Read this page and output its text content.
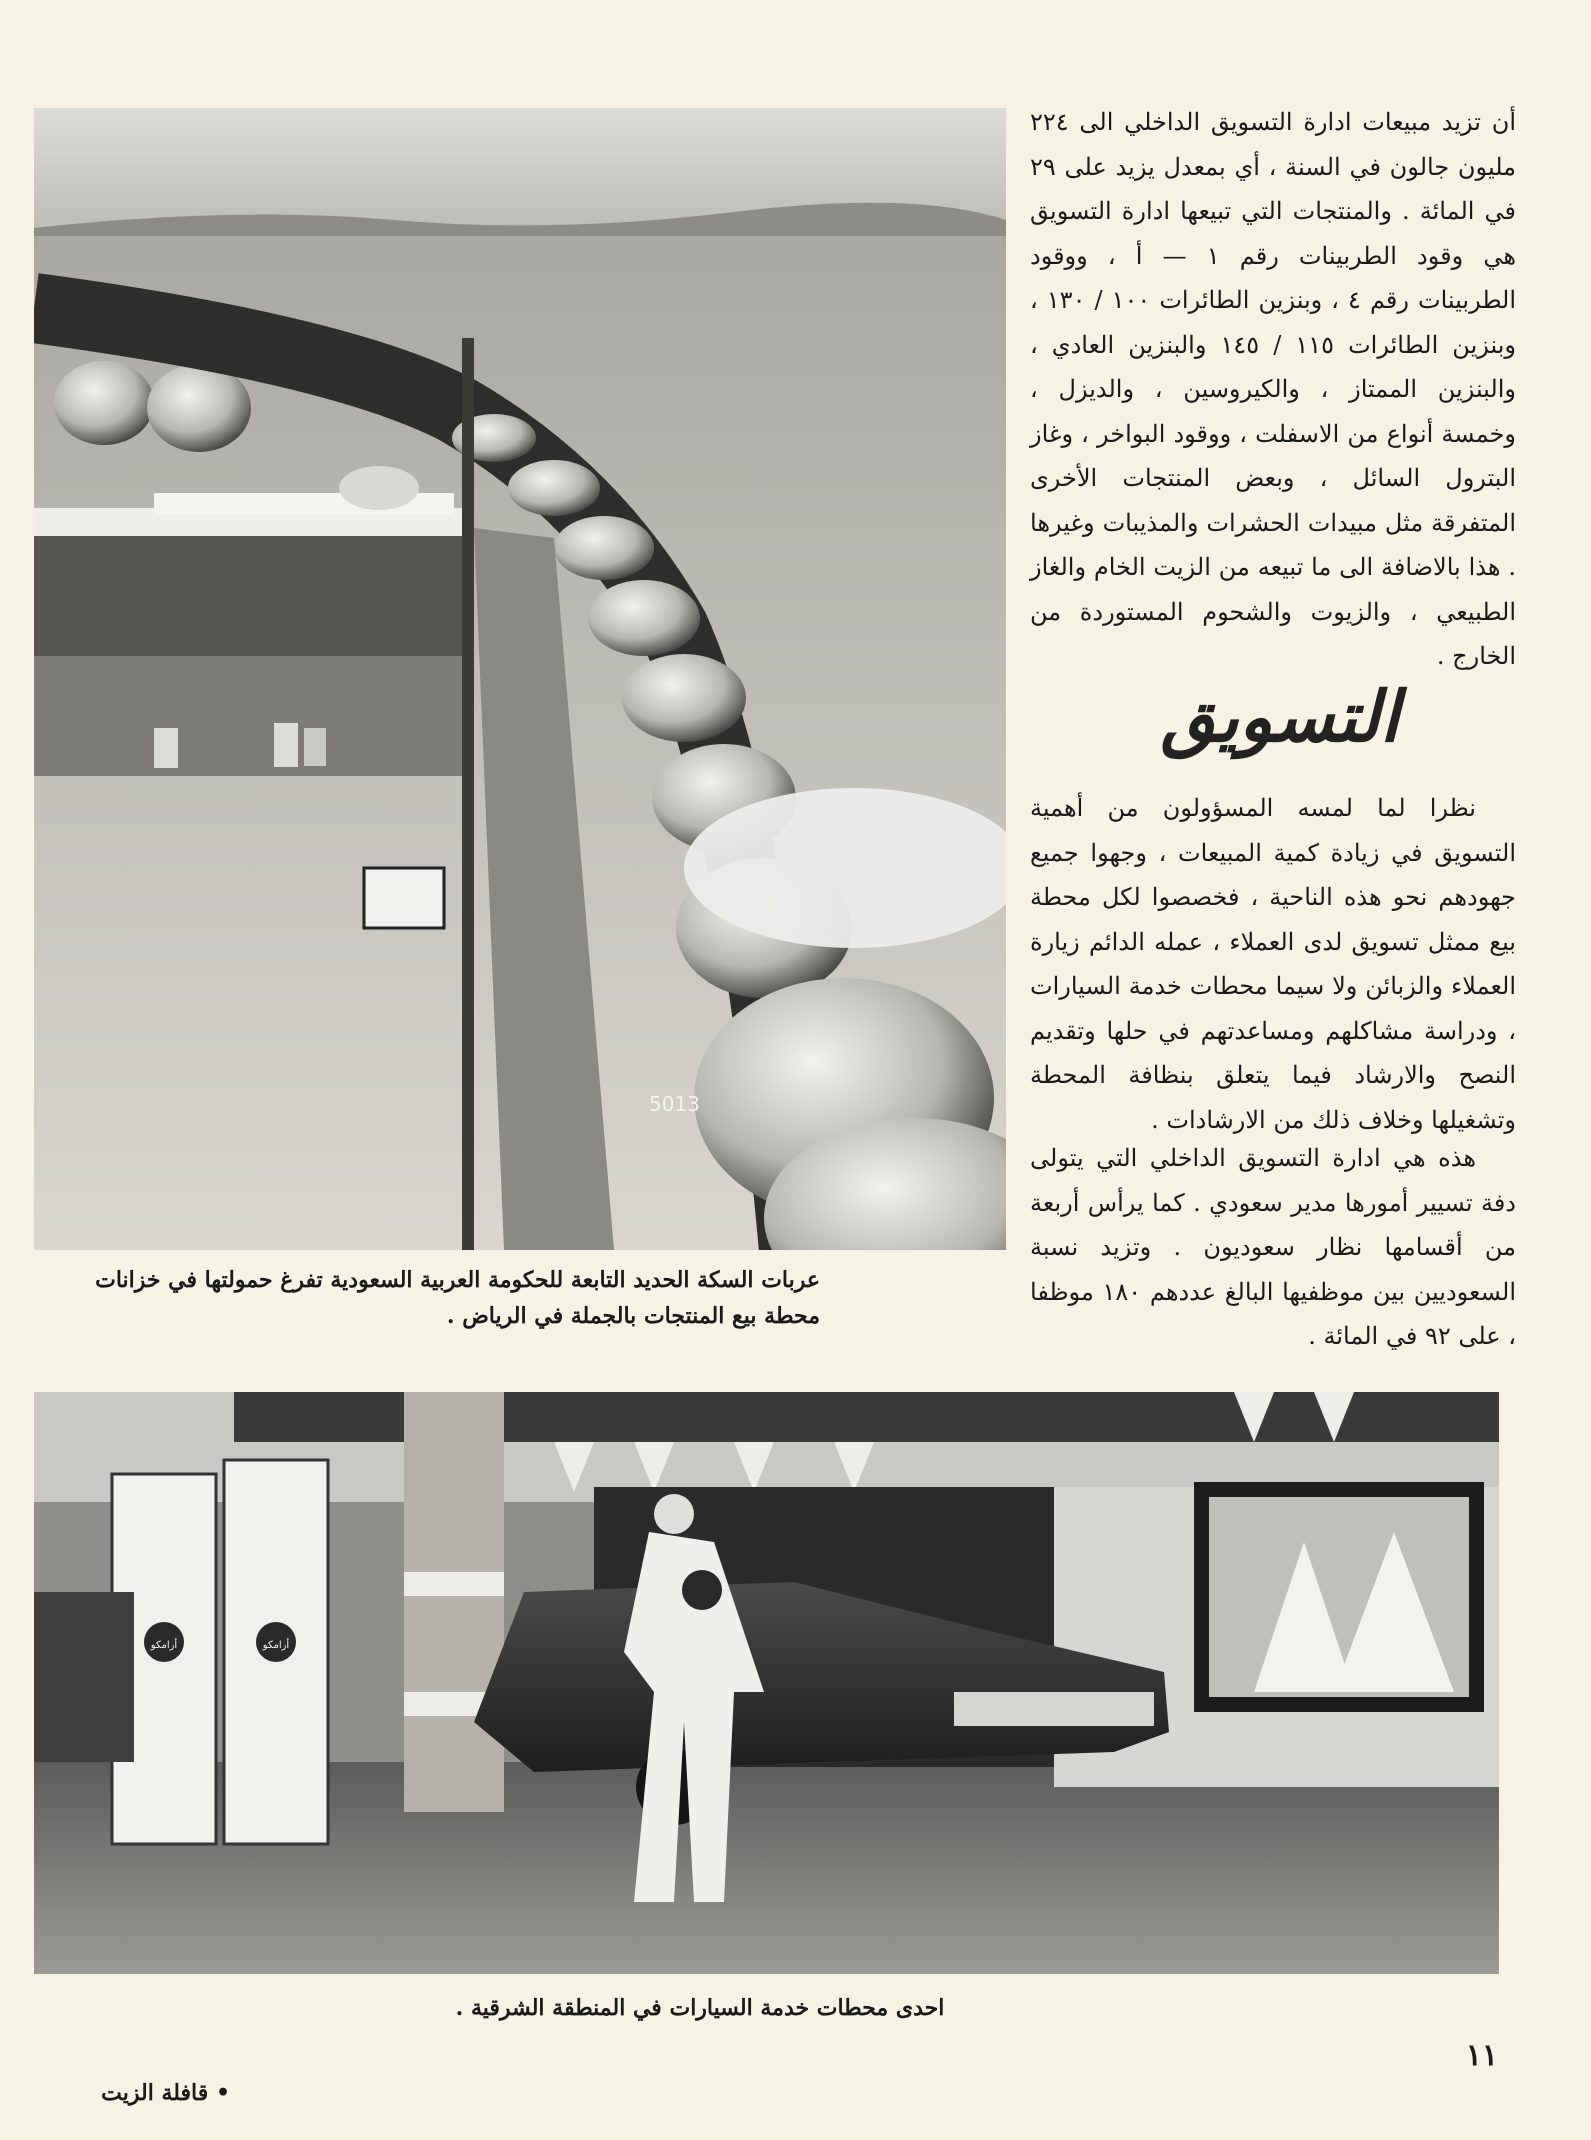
5013
عربات السكة الحديد التابعة للحكومة العربية السعودية تفرغ حمولتها في خزانات محطة بيع المنتجات بالجملة في الرياض .

أن تزيد مبيعات ادارة التسويق الداخلي الى ٢٢٤ مليون جالون في السنة ، أي بمعدل يزيد على ٢٩ في المائة . والمنتجات التي تبيعها ادارة التسويق هي وقود الطربينات رقم ١ — أ ، ووقود الطربينات رقم ٤ ، وبنزين الطائرات ١٠٠ / ١٣٠ ، وبنزين الطائرات ١١٥ / ١٤٥ والبنزين العادي ، والبنزين الممتاز ، والكيروسين ، والديزل ، وخمسة أنواع من الاسفلت ، ووقود البواخر ، وغاز البترول السائل ، وبعض المنتجات الأخرى المتفرقة مثل مبيدات الحشرات والمذيبات وغيرها . هذا بالاضافة الى ما تبيعه من الزيت الخام والغاز الطبيعي ، والزيوت والشحوم المستوردة من الخارج .

التسويق

نظرا لما لمسه المسؤولون من أهمية التسويق في زيادة كمية المبيعات ، وجهوا جميع جهودهم نحو هذه الناحية ، فخصصوا لكل محطة بيع ممثل تسويق لدى العملاء ، عمله الدائم زيارة العملاء والزبائن ولا سيما محطات خدمة السيارات ، ودراسة مشاكلهم ومساعدتهم في حلها وتقديم النصح والارشاد فيما يتعلق بنظافة المحطة وتشغيلها وخلاف ذلك من الارشادات .

هذه هي ادارة التسويق الداخلي التي يتولى دفة تسيير أمورها مدير سعودي . كما يرأس أربعة من أقسامها نظار سعوديون . وتزيد نسبة السعوديين بين موظفيها البالغ عددهم ١٨٠ موظفا ، على ٩٢ في المائة .

أرامكو	أرامكو
احدى محطات خدمة السيارات في المنطقة الشرقية .
١١
• قافلة الزيت
